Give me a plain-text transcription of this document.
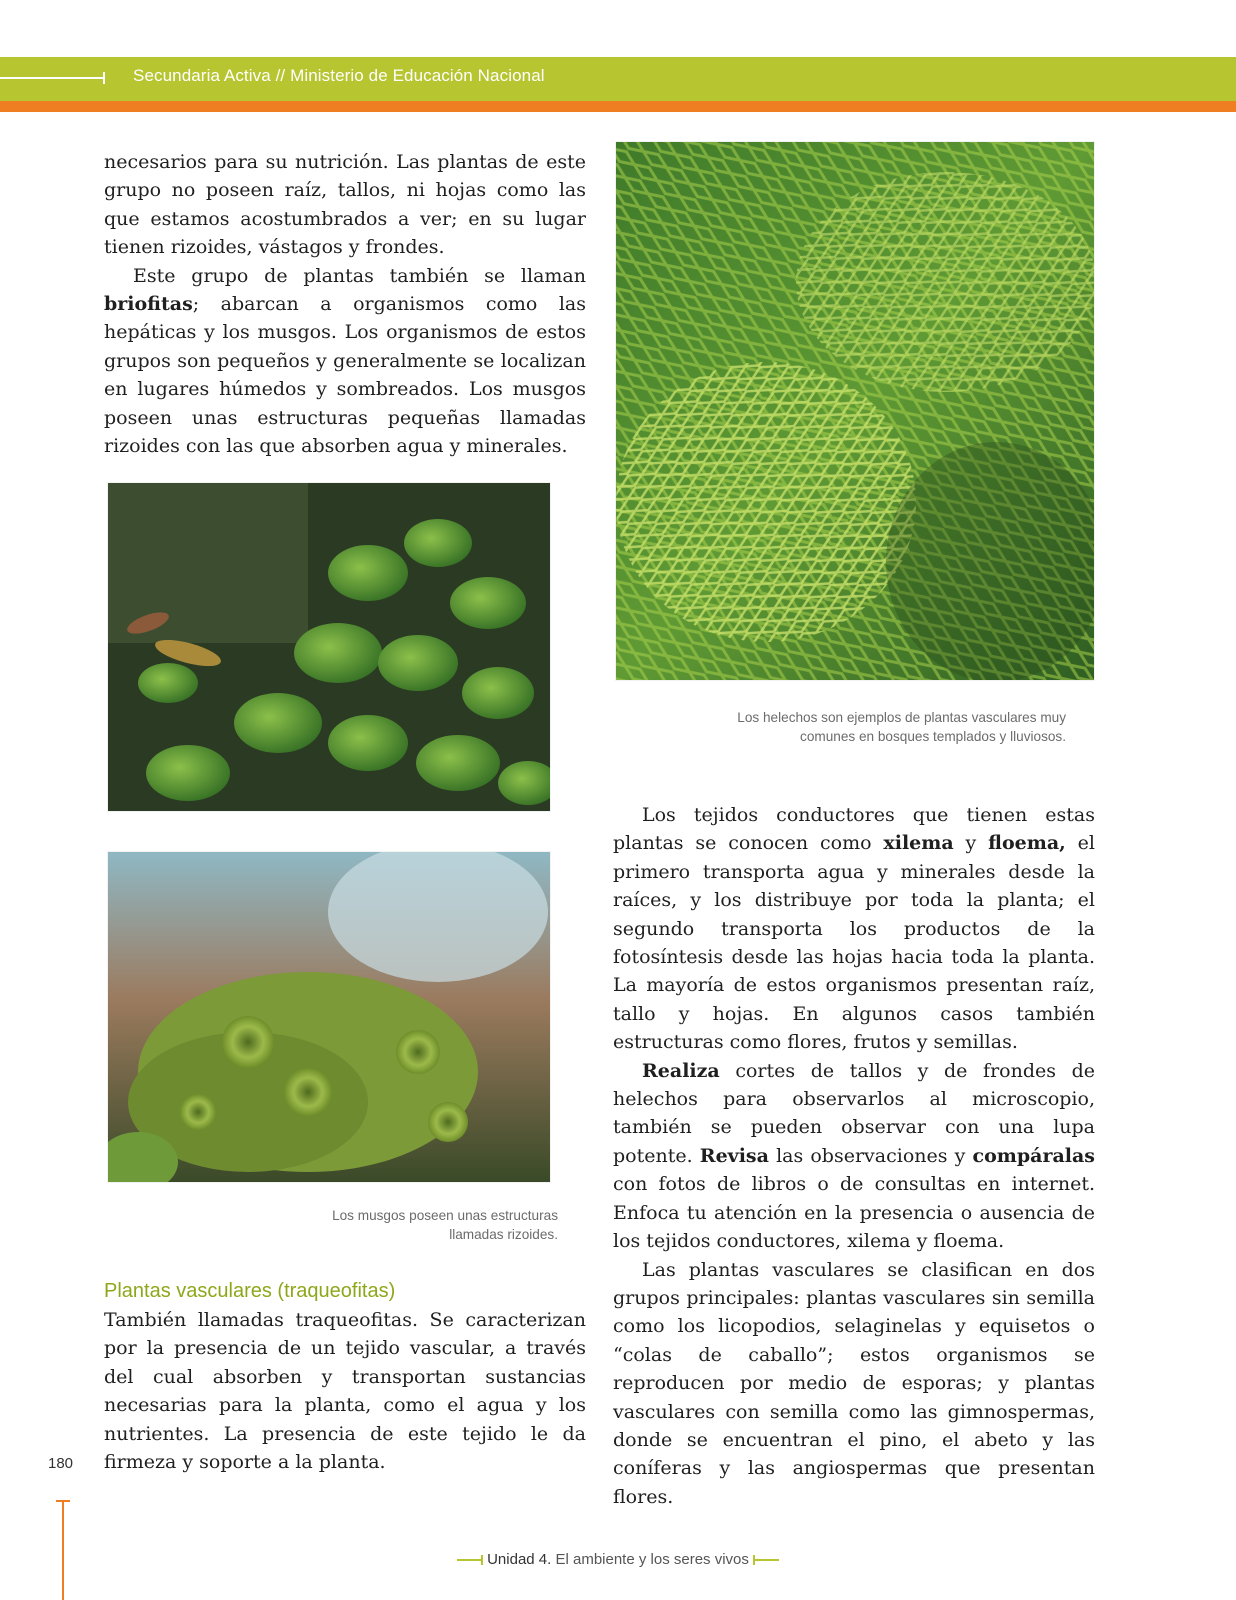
Secundaria Activa // Ministerio de Educación Nacional

necesarios para su nutrición. Las plantas de este grupo no poseen raíz, tallos, ni hojas como las que estamos acostumbrados a ver; en su lugar tienen rizoides, vástagos y frondes.

Este grupo de plantas también se llaman briofitas; abarcan a organismos como las hepáticas y los musgos. Los organismos de estos grupos son pequeños y generalmente se localizan en lugares húmedos y sombreados. Los musgos poseen unas estructuras pequeñas llamadas rizoides con las que absorben agua y minerales.

Los helechos son ejemplos de plantas vasculares muy
comunes en bosques templados y lluviosos.
Los musgos poseen unas estructuras
llamadas rizoides.
Plantas vasculares (traqueofitas)

También llamadas traqueofitas. Se caracterizan por la presencia de un tejido vascular, a través del cual absorben y transportan sustancias necesarias para la planta, como el agua y los nutrientes. La presencia de este tejido le da firmeza y soporte a la planta.

Los tejidos conductores que tienen estas plantas se conocen como xilema y floema, el primero transporta agua y minerales desde la raíces, y los distribuye por toda la planta; el segundo transporta los productos de la fotosíntesis desde las hojas hacia toda la planta. La mayoría de estos organismos presentan raíz, tallo y hojas. En algunos casos también estructuras como flores, frutos y semillas.

Realiza cortes de tallos y de frondes de helechos para observarlos al microscopio, también se pueden observar con una lupa potente. Revisa las observaciones y compáralas con fotos de libros o de consultas en internet. Enfoca tu atención en la presencia o ausencia de los tejidos conductores, xilema y floema.

Las plantas vasculares se clasifican en dos grupos principales: plantas vasculares sin semilla como los licopodios, selaginelas y equisetos o “colas de caballo”; estos organismos se reproducen por medio de esporas; y plantas vasculares con semilla como las gimnospermas, donde se encuentran el pino, el abeto y las coníferas y las angiospermas que presentan flores.

180
Unidad 4. El ambiente y los seres vivos
